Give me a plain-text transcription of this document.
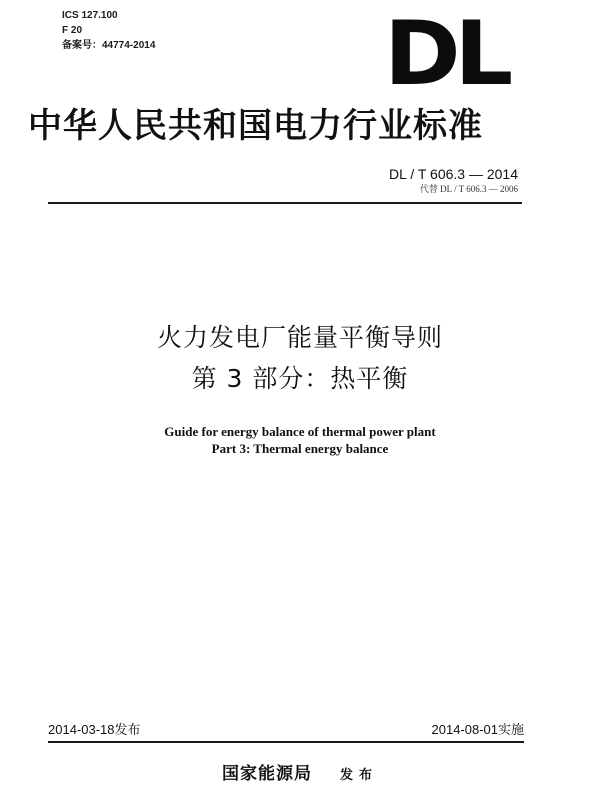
ICS 127.100
F 20
备案号：44774-2014	DL
中华人民共和国电力行业标准
DL / T 606.3 — 2014
代替 DL / T 606.3 — 2006
火力发电厂能量平衡导则
第 3 部分：热平衡
Guide for energy balance of thermal power plant
Part 3: Thermal energy balance
2014-03-18发布	2014-08-01实施
国家能源局 发布
